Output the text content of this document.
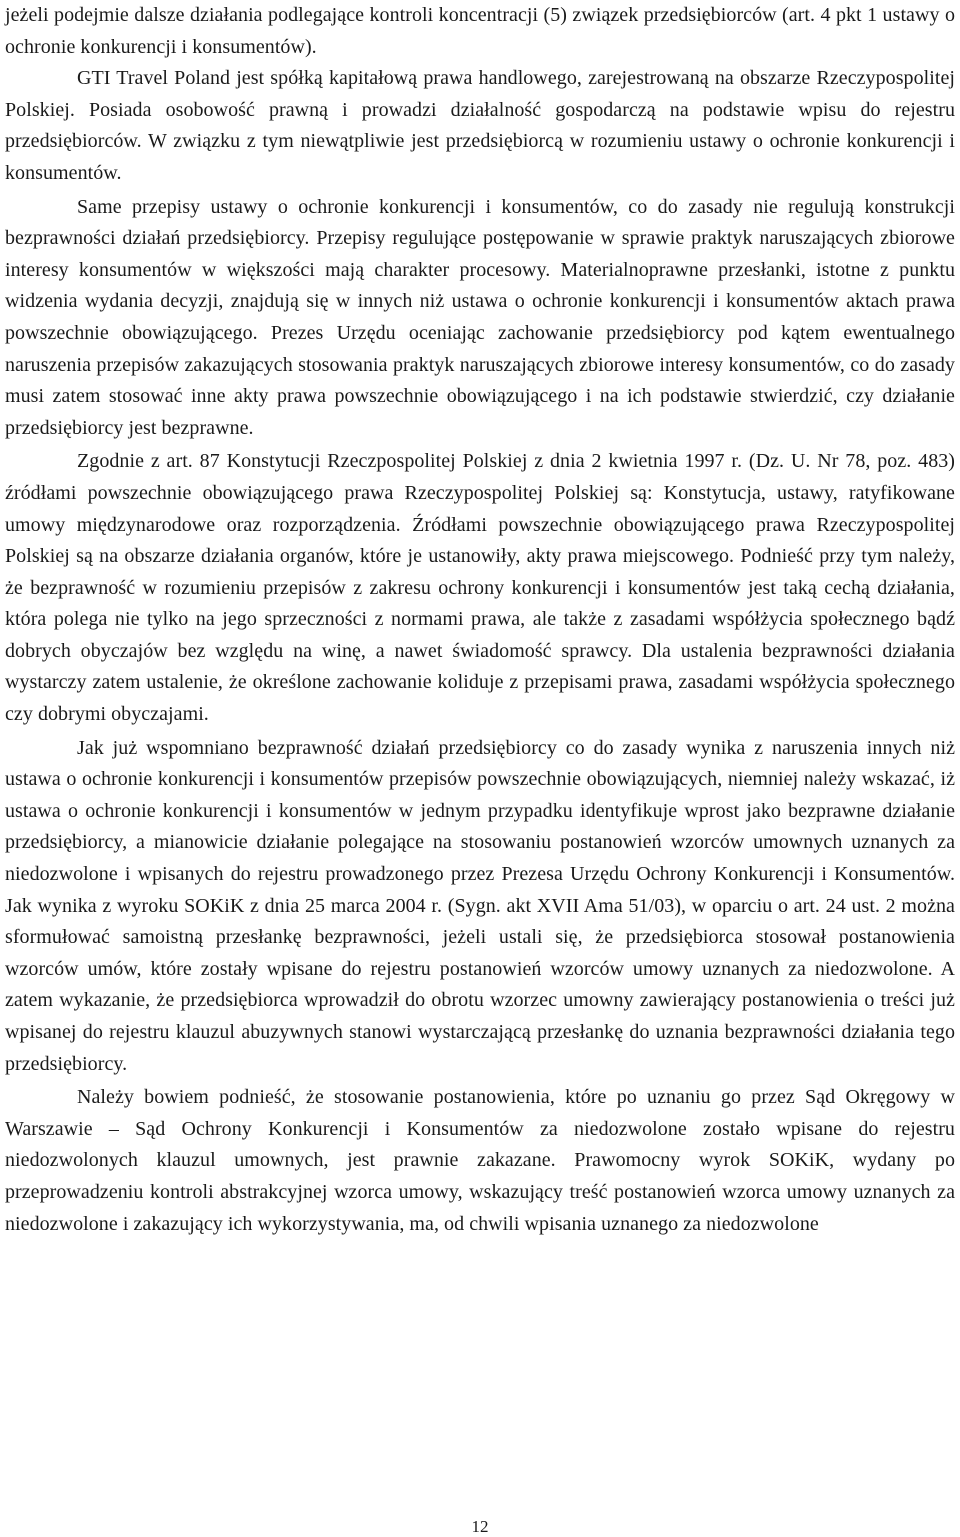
jeżeli podejmie dalsze działania podlegające kontroli koncentracji (5) związek przedsiębiorców (art. 4 pkt 1 ustawy o ochronie konkurencji i konsumentów).

GTI Travel Poland jest spółką kapitałową prawa handlowego, zarejestrowaną na obszarze Rzeczypospolitej Polskiej. Posiada osobowość prawną i prowadzi działalność gospodarczą na podstawie wpisu do rejestru przedsiębiorców. W związku z tym niewątpliwie jest przedsiębiorcą w rozumieniu ustawy o ochronie konkurencji i konsumentów.

Same przepisy ustawy o ochronie konkurencji i konsumentów, co do zasady nie regulują konstrukcji bezprawności działań przedsiębiorcy. Przepisy regulujące postępowanie w sprawie praktyk naruszających zbiorowe interesy konsumentów w większości mają charakter procesowy. Materialnoprawne przesłanki, istotne z punktu widzenia wydania decyzji, znajdują się w innych niż ustawa o ochronie konkurencji i konsumentów aktach prawa powszechnie obowiązującego. Prezes Urzędu oceniając zachowanie przedsiębiorcy pod kątem ewentualnego naruszenia przepisów zakazujących stosowania praktyk naruszających zbiorowe interesy konsumentów, co do zasady musi zatem stosować inne akty prawa powszechnie obowiązującego i na ich podstawie stwierdzić, czy działanie przedsiębiorcy jest bezprawne.

Zgodnie z art. 87 Konstytucji Rzeczpospolitej Polskiej z dnia 2 kwietnia 1997 r. (Dz. U. Nr 78, poz. 483) źródłami powszechnie obowiązującego prawa Rzeczypospolitej Polskiej są: Konstytucja, ustawy, ratyfikowane umowy międzynarodowe oraz rozporządzenia. Źródłami powszechnie obowiązującego prawa Rzeczypospolitej Polskiej są na obszarze działania organów, które je ustanowiły, akty prawa miejscowego. Podnieść przy tym należy, że bezprawność w rozumieniu przepisów z zakresu ochrony konkurencji i konsumentów jest taką cechą działania, która polega nie tylko na jego sprzeczności z normami prawa, ale także z zasadami współżycia społecznego bądź dobrych obyczajów bez względu na winę, a nawet świadomość sprawcy. Dla ustalenia bezprawności działania wystarczy zatem ustalenie, że określone zachowanie koliduje z przepisami prawa, zasadami współżycia społecznego czy dobrymi obyczajami.

Jak już wspomniano bezprawność działań przedsiębiorcy co do zasady wynika z naruszenia innych niż ustawa o ochronie konkurencji i konsumentów przepisów powszechnie obowiązujących, niemniej należy wskazać, iż ustawa o ochronie konkurencji i konsumentów w jednym przypadku identyfikuje wprost jako bezprawne działanie przedsiębiorcy, a mianowicie działanie polegające na stosowaniu postanowień wzorców umownych uznanych za niedozwolone i wpisanych do rejestru prowadzonego przez Prezesa Urzędu Ochrony Konkurencji i Konsumentów. Jak wynika z wyroku SOKiK z dnia 25 marca 2004 r. (Sygn. akt XVII Ama 51/03), w oparciu o art. 24 ust. 2 można sformułować samoistną przesłankę bezprawności, jeżeli ustali się, że przedsiębiorca stosował postanowienia wzorców umów, które zostały wpisane do rejestru postanowień wzorców umowy uznanych za niedozwolone. A zatem wykazanie, że przedsiębiorca wprowadził do obrotu wzorzec umowny zawierający postanowienia o treści już wpisanej do rejestru klauzul abuzywnych stanowi wystarczającą przesłankę do uznania bezprawności działania tego przedsiębiorcy.

Należy bowiem podnieść, że stosowanie postanowienia, które po uznaniu go przez Sąd Okręgowy w Warszawie – Sąd Ochrony Konkurencji i Konsumentów za niedozwolone zostało wpisane do rejestru niedozwolonych klauzul umownych, jest prawnie zakazane. Prawomocny wyrok SOKiK, wydany po przeprowadzeniu kontroli abstrakcyjnej wzorca umowy, wskazujący treść postanowień wzorca umowy uznanych za niedozwolone i zakazujący ich wykorzystywania, ma, od chwili wpisania uznanego za niedozwolone

12
